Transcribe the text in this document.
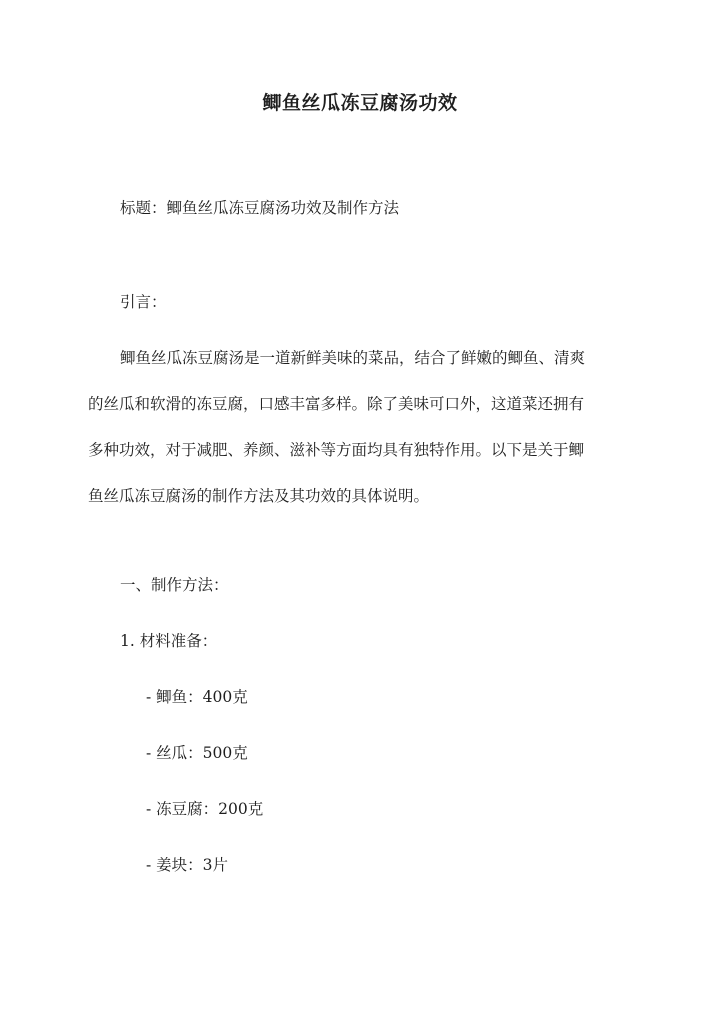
鲫鱼丝瓜冻豆腐汤功效

标题：鲫鱼丝瓜冻豆腐汤功效及制作方法

引言：

鲫鱼丝瓜冻豆腐汤是一道新鲜美味的菜品，结合了鲜嫩的鲫鱼、清爽
的丝瓜和软滑的冻豆腐，口感丰富多样。除了美味可口外，这道菜还拥有
多种功效，对于减肥、养颜、滋补等方面均具有独特作用。以下是关于鲫
鱼丝瓜冻豆腐汤的制作方法及其功效的具体说明。

一、制作方法：

1. 材料准备：

- 鲫鱼：400克

- 丝瓜：500克

- 冻豆腐：200克

- 姜块：3片
